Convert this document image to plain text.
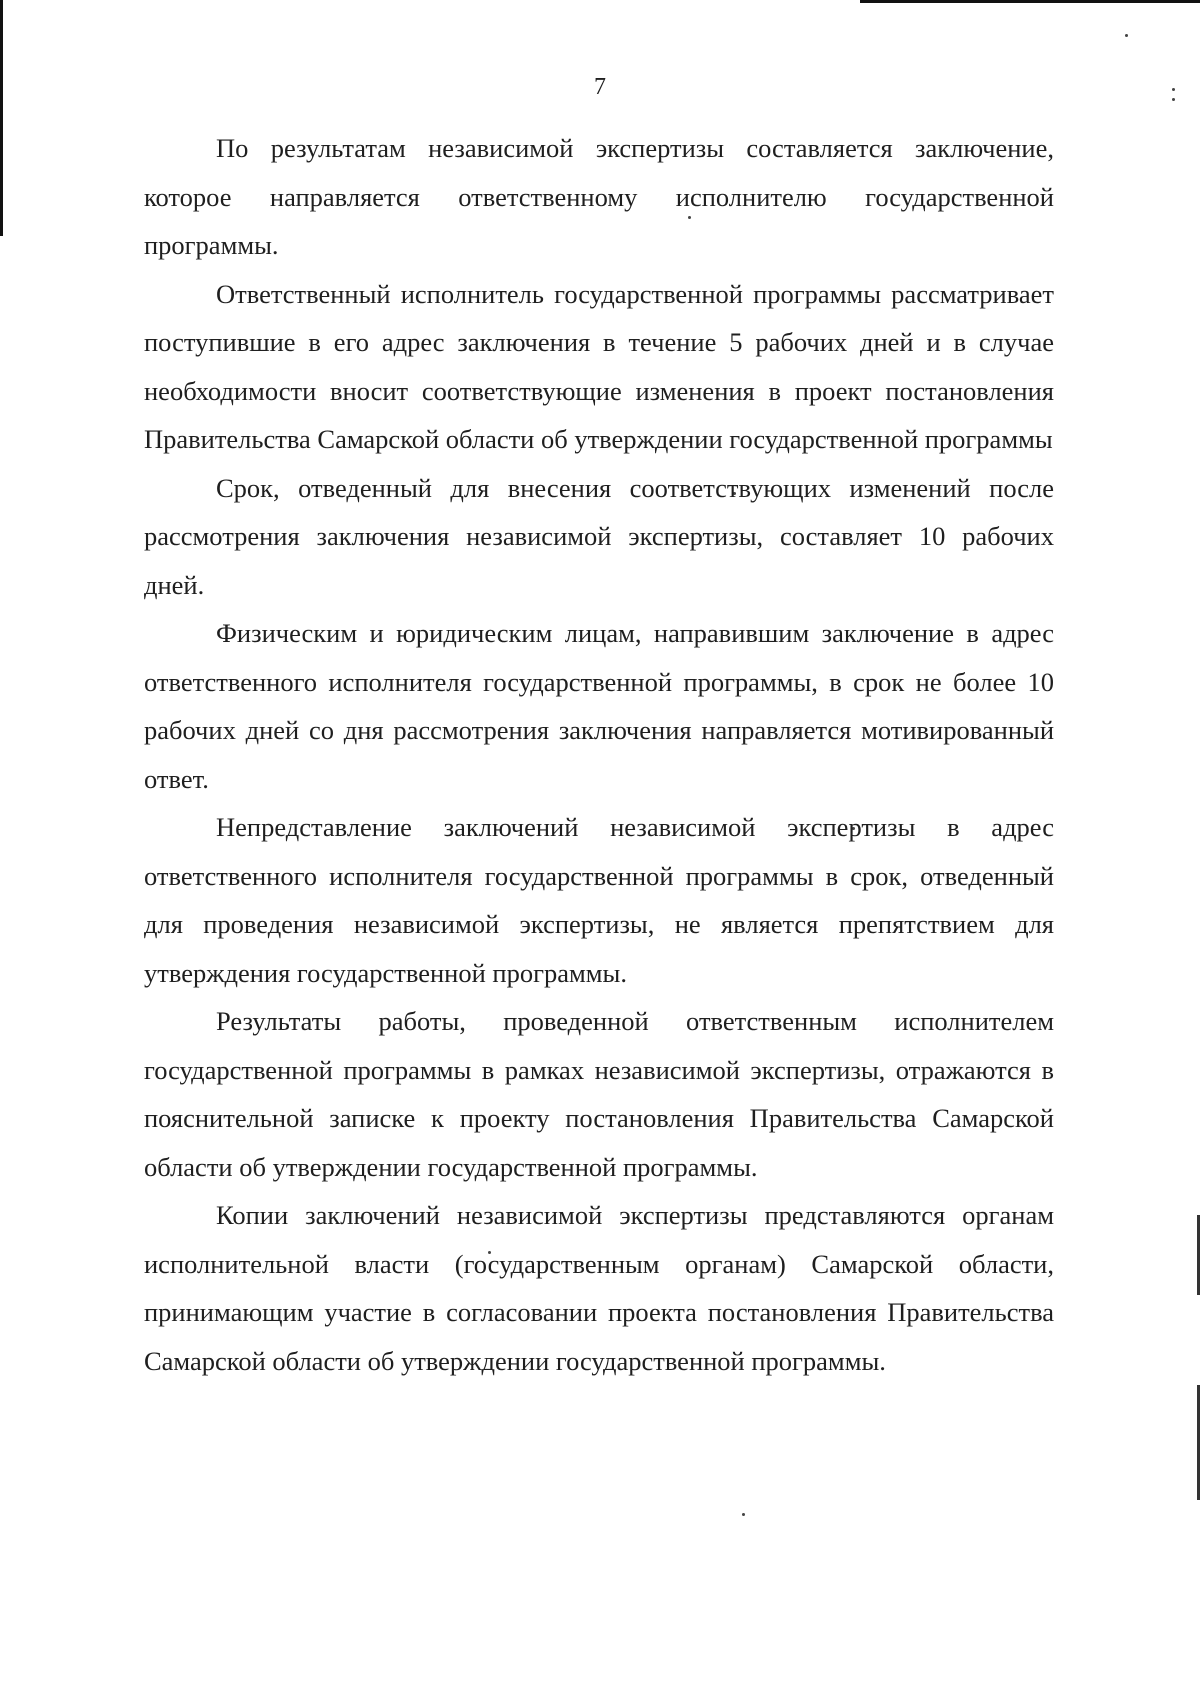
7

По результатам независимой экспертизы составляется заключение, которое направляется ответственному исполнителю государственной программы.

Ответственный исполнитель государственной программы рассматривает поступившие в его адрес заключения в течение 5 рабочих дней и в случае необходимости вносит соответствующие изменения в проект постановления Правительства Самарской области об утверждении государственной программы

Срок, отведенный для внесения соответствующих изменений после рассмотрения заключения независимой экспертизы, составляет 10 рабочих дней.

Физическим и юридическим лицам, направившим заключение в адрес ответственного исполнителя государственной программы, в срок не более 10 рабочих дней со дня рассмотрения заключения направляется мотивированный ответ.

Непредставление заключений независимой экспертизы в адрес ответственного исполнителя государственной программы в срок, отведенный для проведения независимой экспертизы, не является препятствием для утверждения государственной программы.

Результаты работы, проведенной ответственным исполнителем государственной программы в рамках независимой экспертизы, отражаются в пояснительной записке к проекту постановления Правительства Самарской области об утверждении государственной программы.

Копии заключений независимой экспертизы представляются органам исполнительной власти (государственным органам) Самарской области, принимающим участие в согласовании проекта постановления Правительства Самарской области об утверждении государственной программы.
